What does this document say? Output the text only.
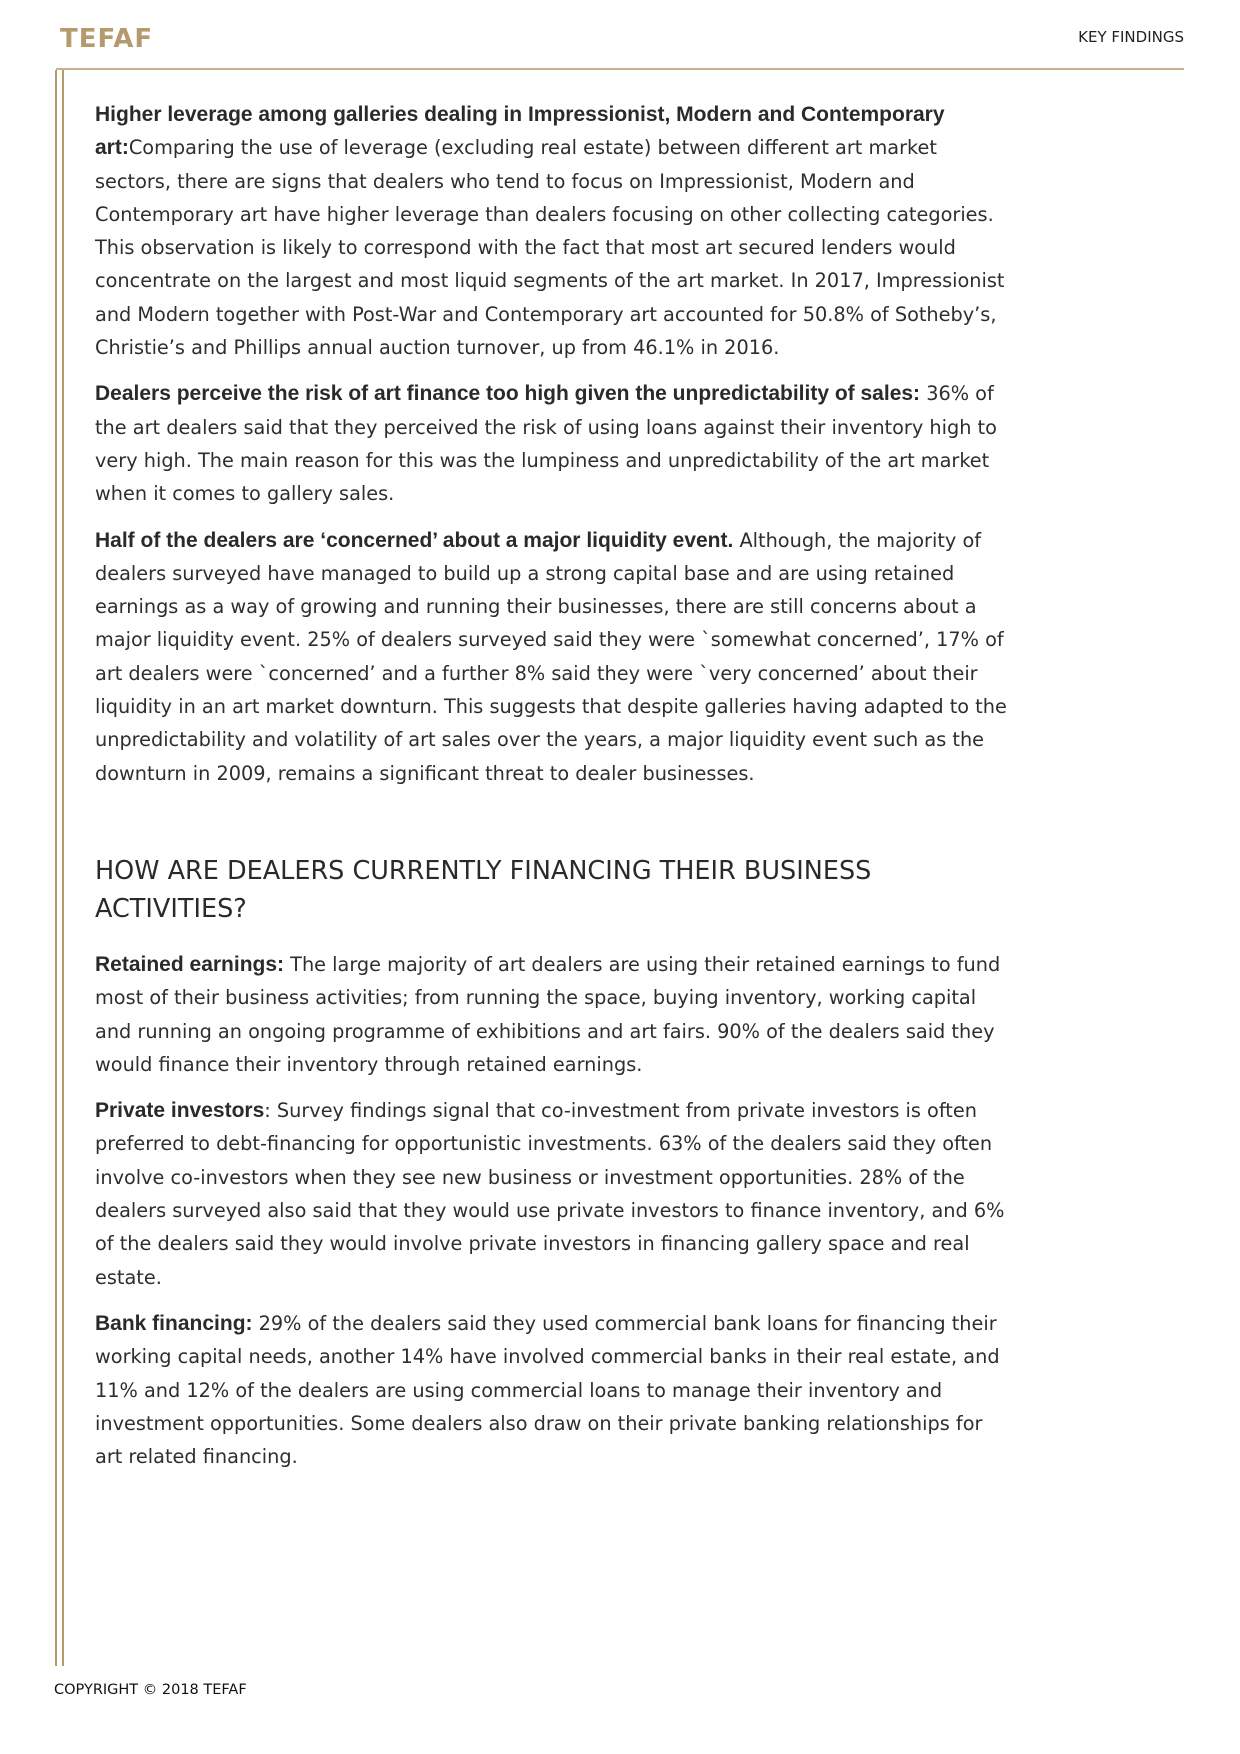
TEFAF	KEY FINDINGS

Higher leverage among galleries dealing in Impressionist, Modern and Contemporary art:Comparing the use of leverage (excluding real estate) between different art market sectors, there are signs that dealers who tend to focus on Impressionist, Modern and Contemporary art have higher leverage than dealers focusing on other collecting categories. This observation is likely to correspond with the fact that most art secured lenders would concentrate on the largest and most liquid segments of the art market. In 2017, Impressionist and Modern together with Post-War and Contemporary art accounted for 50.8% of Sotheby’s, Christie’s and Phillips annual auction turnover, up from 46.1% in 2016.

Dealers perceive the risk of art finance too high given the unpredictability of sales: 36% of the art dealers said that they perceived the risk of using loans against their inventory high to very high. The main reason for this was the lumpiness and unpredictability of the art market when it comes to gallery sales.

Half of the dealers are ‘concerned’ about a major liquidity event. Although, the majority of dealers surveyed have managed to build up a strong capital base and are using retained earnings as a way of growing and running their businesses, there are still concerns about a major liquidity event. 25% of dealers surveyed said they were `somewhat concerned’, 17% of art dealers were `concerned’ and a further 8% said they were `very concerned’ about their liquidity in an art market downturn. This suggests that despite galleries having adapted to the unpredictability and volatility of art sales over the years, a major liquidity event such as the downturn in 2009, remains a significant threat to dealer businesses.

HOW ARE DEALERS CURRENTLY FINANCING THEIR BUSINESS ACTIVITIES?

Retained earnings: The large majority of art dealers are using their retained earnings to fund most of their business activities; from running the space, buying inventory, working capital and running an ongoing programme of exhibitions and art fairs. 90% of the dealers said they would finance their inventory through retained earnings.

Private investors: Survey findings signal that co-investment from private investors is often preferred to debt-financing for opportunistic investments. 63% of the dealers said they often involve co-investors when they see new business or investment opportunities. 28% of the dealers surveyed also said that they would use private investors to finance inventory, and 6% of the dealers said they would involve private investors in financing gallery space and real estate.

Bank financing: 29% of the dealers said they used commercial bank loans for financing their working capital needs, another 14% have involved commercial banks in their real estate, and 11% and 12% of the dealers are using commercial loans to manage their inventory and investment opportunities. Some dealers also draw on their private banking relationships for art related financing.

COPYRIGHT © 2018 TEFAF
